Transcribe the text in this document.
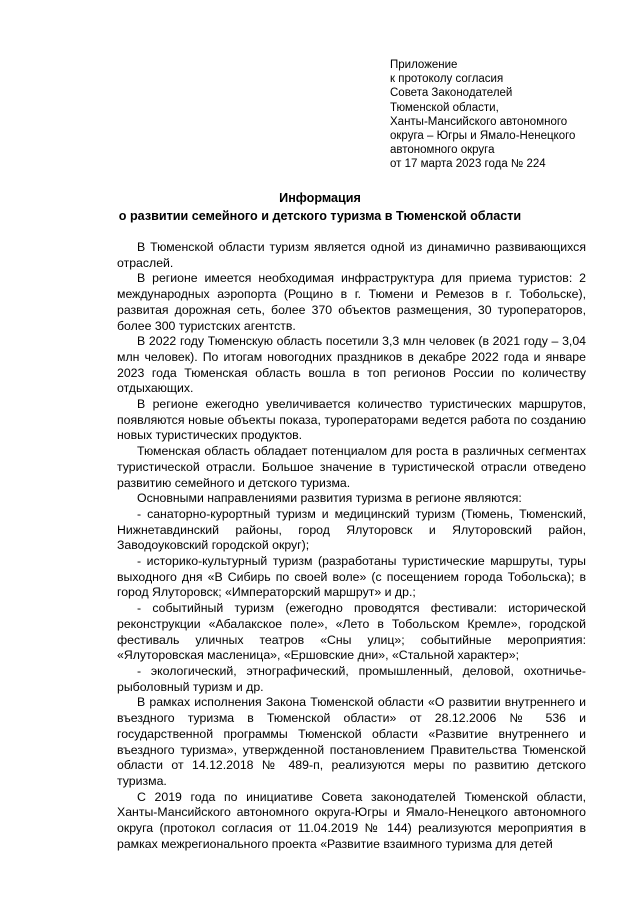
Приложение
к протоколу согласия
Совета Законодателей
Тюменской области,
Ханты-Мансийского автономного
округа – Югры и Ямало-Ненецкого
автономного округа
от 17 марта 2023 года № 224
Информация
о развитии семейного и детского туризма в Тюменской области

В Тюменской области туризм является одной из динамично развивающихся отраслей.

В регионе имеется необходимая инфраструктура для приема туристов: 2 международных аэропорта (Рощино в г. Тюмени и Ремезов в г. Тобольске), развитая дорожная сеть, более 370 объектов размещения, 30 туроператоров, более 300 туристских агентств.

В 2022 году Тюменскую область посетили 3,3 млн человек (в 2021 году – 3,04 млн человек). По итогам новогодних праздников в декабре 2022 года и январе 2023 года Тюменская область вошла в топ регионов России по количеству отдыхающих.

В регионе ежегодно увеличивается количество туристических маршрутов, появляются новые объекты показа, туроператорами ведется работа по созданию новых туристических продуктов.

Тюменская область обладает потенциалом для роста в различных сегментах туристической отрасли. Большое значение в туристической отрасли отведено развитию семейного и детского туризма.

Основными направлениями развития туризма в регионе являются:

- санаторно-курортный туризм и медицинский туризм (Тюмень, Тюменский, Нижнетавдинский районы, город Ялуторовск и Ялуторовский район, Заводоуковский городской округ);

- историко-культурный туризм (разработаны туристические маршруты, туры выходного дня «В Сибирь по своей воле» (с посещением города Тобольска); в город Ялуторовск; «Императорский маршрут» и др.;

- событийный туризм (ежегодно проводятся фестивали: исторической реконструкции «Абалакское поле», «Лето в Тобольском Кремле», городской фестиваль уличных театров «Сны улиц»; событийные мероприятия: «Ялуторовская масленица», «Ершовские дни», «Стальной характер»;

- экологический, этнографический, промышленный, деловой, охотничье-рыболовный туризм и др.

В рамках исполнения Закона Тюменской области «О развитии внутреннего и въездного туризма в Тюменской области» от 28.12.2006 № 536 и государственной программы Тюменской области «Развитие внутреннего и въездного туризма», утвержденной постановлением Правительства Тюменской области от 14.12.2018 № 489-п, реализуются меры по развитию детского туризма.

С 2019 года по инициативе Совета законодателей Тюменской области, Ханты-Мансийского автономного округа-Югры и Ямало-Ненецкого автономного округа (протокол согласия от 11.04.2019 № 144) реализуются мероприятия в рамках межрегионального проекта «Развитие взаимного туризма для детей
